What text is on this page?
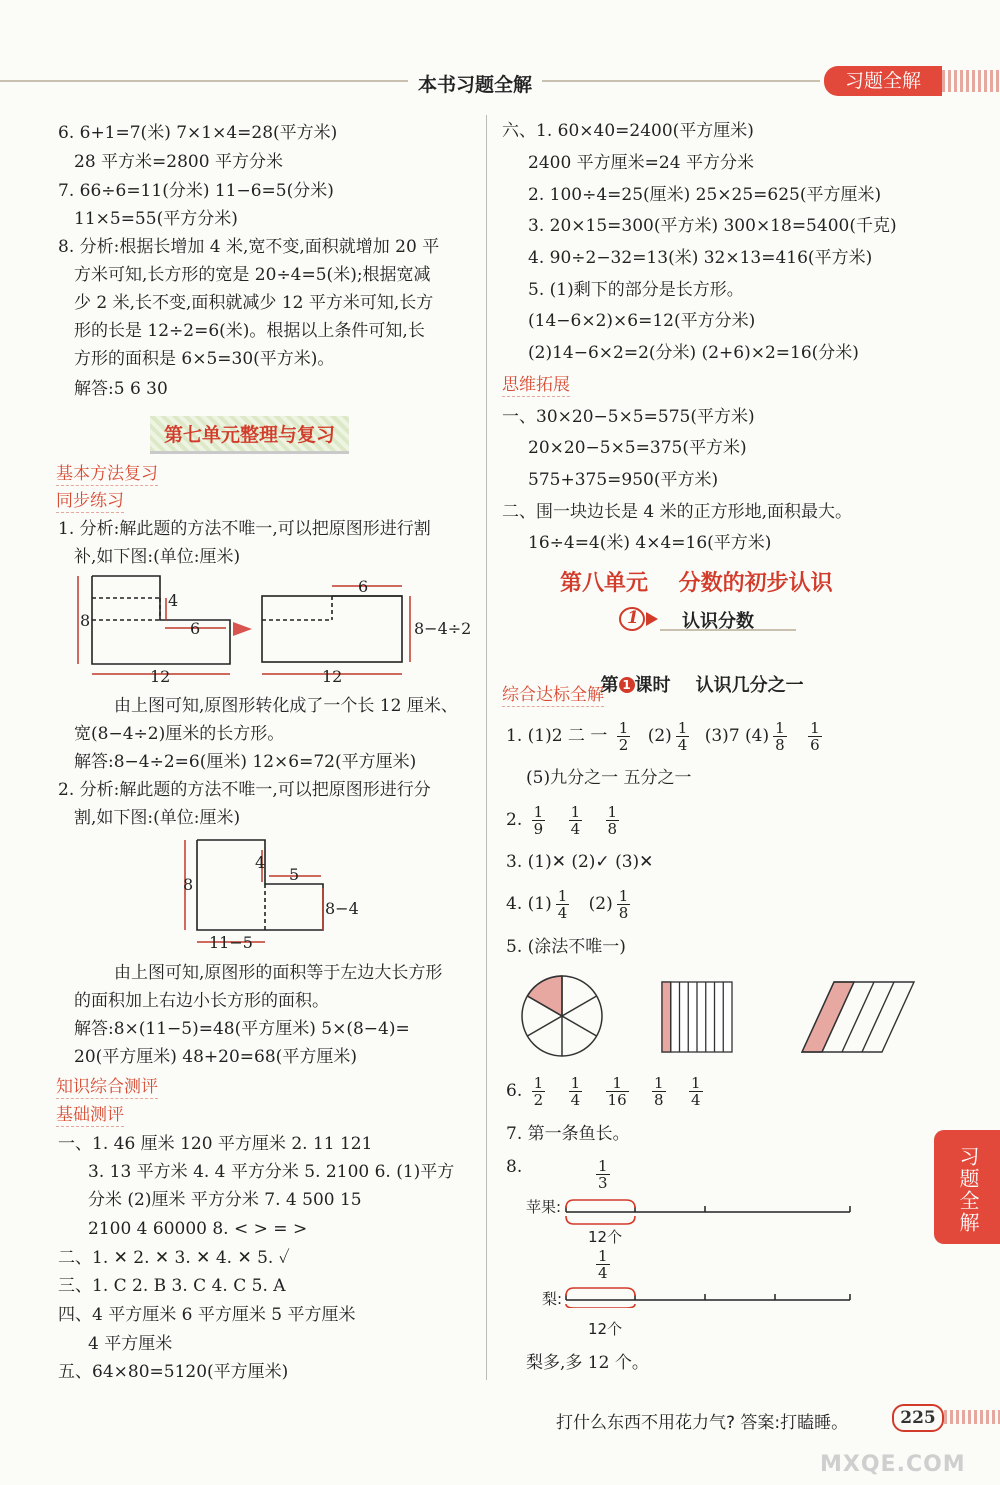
本书习题全解	习题全解
6. 6+1=7(米) 7×1×4=28(平方米)
28 平方米=2800 平方分米
7. 66÷6=11(分米) 11−6=5(分米)
11×5=55(平方分米)
8. 分析:根据长增加 4 米,宽不变,面积就增加 20 平
方米可知,长方形的宽是 20÷4=5(米);根据宽减
少 2 米,长不变,面积就减少 12 平方米可知,长方
形的长是 12÷2=6(米)。根据以上条件可知,长
方形的面积是 6×5=30(平方米)。
解答:5 6 30
第七单元整理与复习
基本方法复习
同步练习
1. 分析:解此题的方法不唯一,可以把原图形进行割
补,如下图:(单位:厘米)
8
4
6
12
6
8−4÷2
12
由上图可知,原图形转化成了一个长 12 厘米、
宽(8−4÷2)厘米的长方形。
解答:8−4÷2=6(厘米) 12×6=72(平方厘米)
2. 分析:解此题的方法不唯一,可以把原图形进行分
割,如下图:(单位:厘米)
8
4
5
8−4
11−5
由上图可知,原图形的面积等于左边大长方形
的面积加上右边小长方形的面积。
解答:8×(11−5)=48(平方厘米) 5×(8−4)=
20(平方厘米) 48+20=68(平方厘米)
知识综合测评
基础测评
一、1. 46 厘米 120 平方厘米 2. 11 121
3. 13 平方米 4. 4 平方分米 5. 2100 6. (1)平方
分米 (2)厘米 平方分米 7. 4 500 15
2100 4 60000 8. < > = >
二、1. ✕ 2. ✕ 3. ✕ 4. ✕ 5. ✓
三、1. C 2. B 3. C 4. C 5. A
四、4 平方厘米 6 平方厘米 5 平方厘米
4 平方厘米
五、64×80=5120(平方厘米)
六、1. 60×40=2400(平方厘米)
2400 平方厘米=24 平方分米
2. 100÷4=25(厘米) 25×25=625(平方厘米)
3. 20×15=300(平方米) 300×18=5400(千克)
4. 90÷2−32=13(米) 32×13=416(平方米)
5. (1)剩下的部分是长方形。
(14−6×2)×6=12(平方分米)
(2)14−6×2=2(分米) (2+6)×2=16(分米)
思维拓展
一、30×20−5×5=575(平方米)
20×20−5×5=375(平方米)
575+375=950(平方米)
二、围一块边长是 4 米的正方形地,面积最大。
16÷4=4(米) 4×4=16(平方米)
第八单元    分数的初步认识
1 认识分数

第 1 课时    认识几分之一

综合达标全解
1. (1)2 二 一 $\frac{1}{2} (2) \frac{1}{4} (3)7$ $(4) \frac{1}{8}$
$\frac{1}{6}$
(5)九分之一 五分之一
2. $\frac{1}{9}$
$\frac{1}{4}$
$\frac{1}{8}$
3. (1)✕ (2)✓ (3)✕
4. $(1) \frac{1}{4} (2) \frac{1}{8}$
5. (涂法不唯一)
6. $\frac{1}{2}$
$\frac{1}{4}$
$\frac{1}{16}$
$\frac{1}{8}$
$\frac{1}{4}$
7. 第一条鱼长。
8.	$\frac{1}{3}$
苹果:
12个
$\frac{1}{4}$
梨:
12个
梨多,多 12 个。
习题全解
打什么东西不用花力气? 答案:打瞌睡。	225
MXQE.COM
